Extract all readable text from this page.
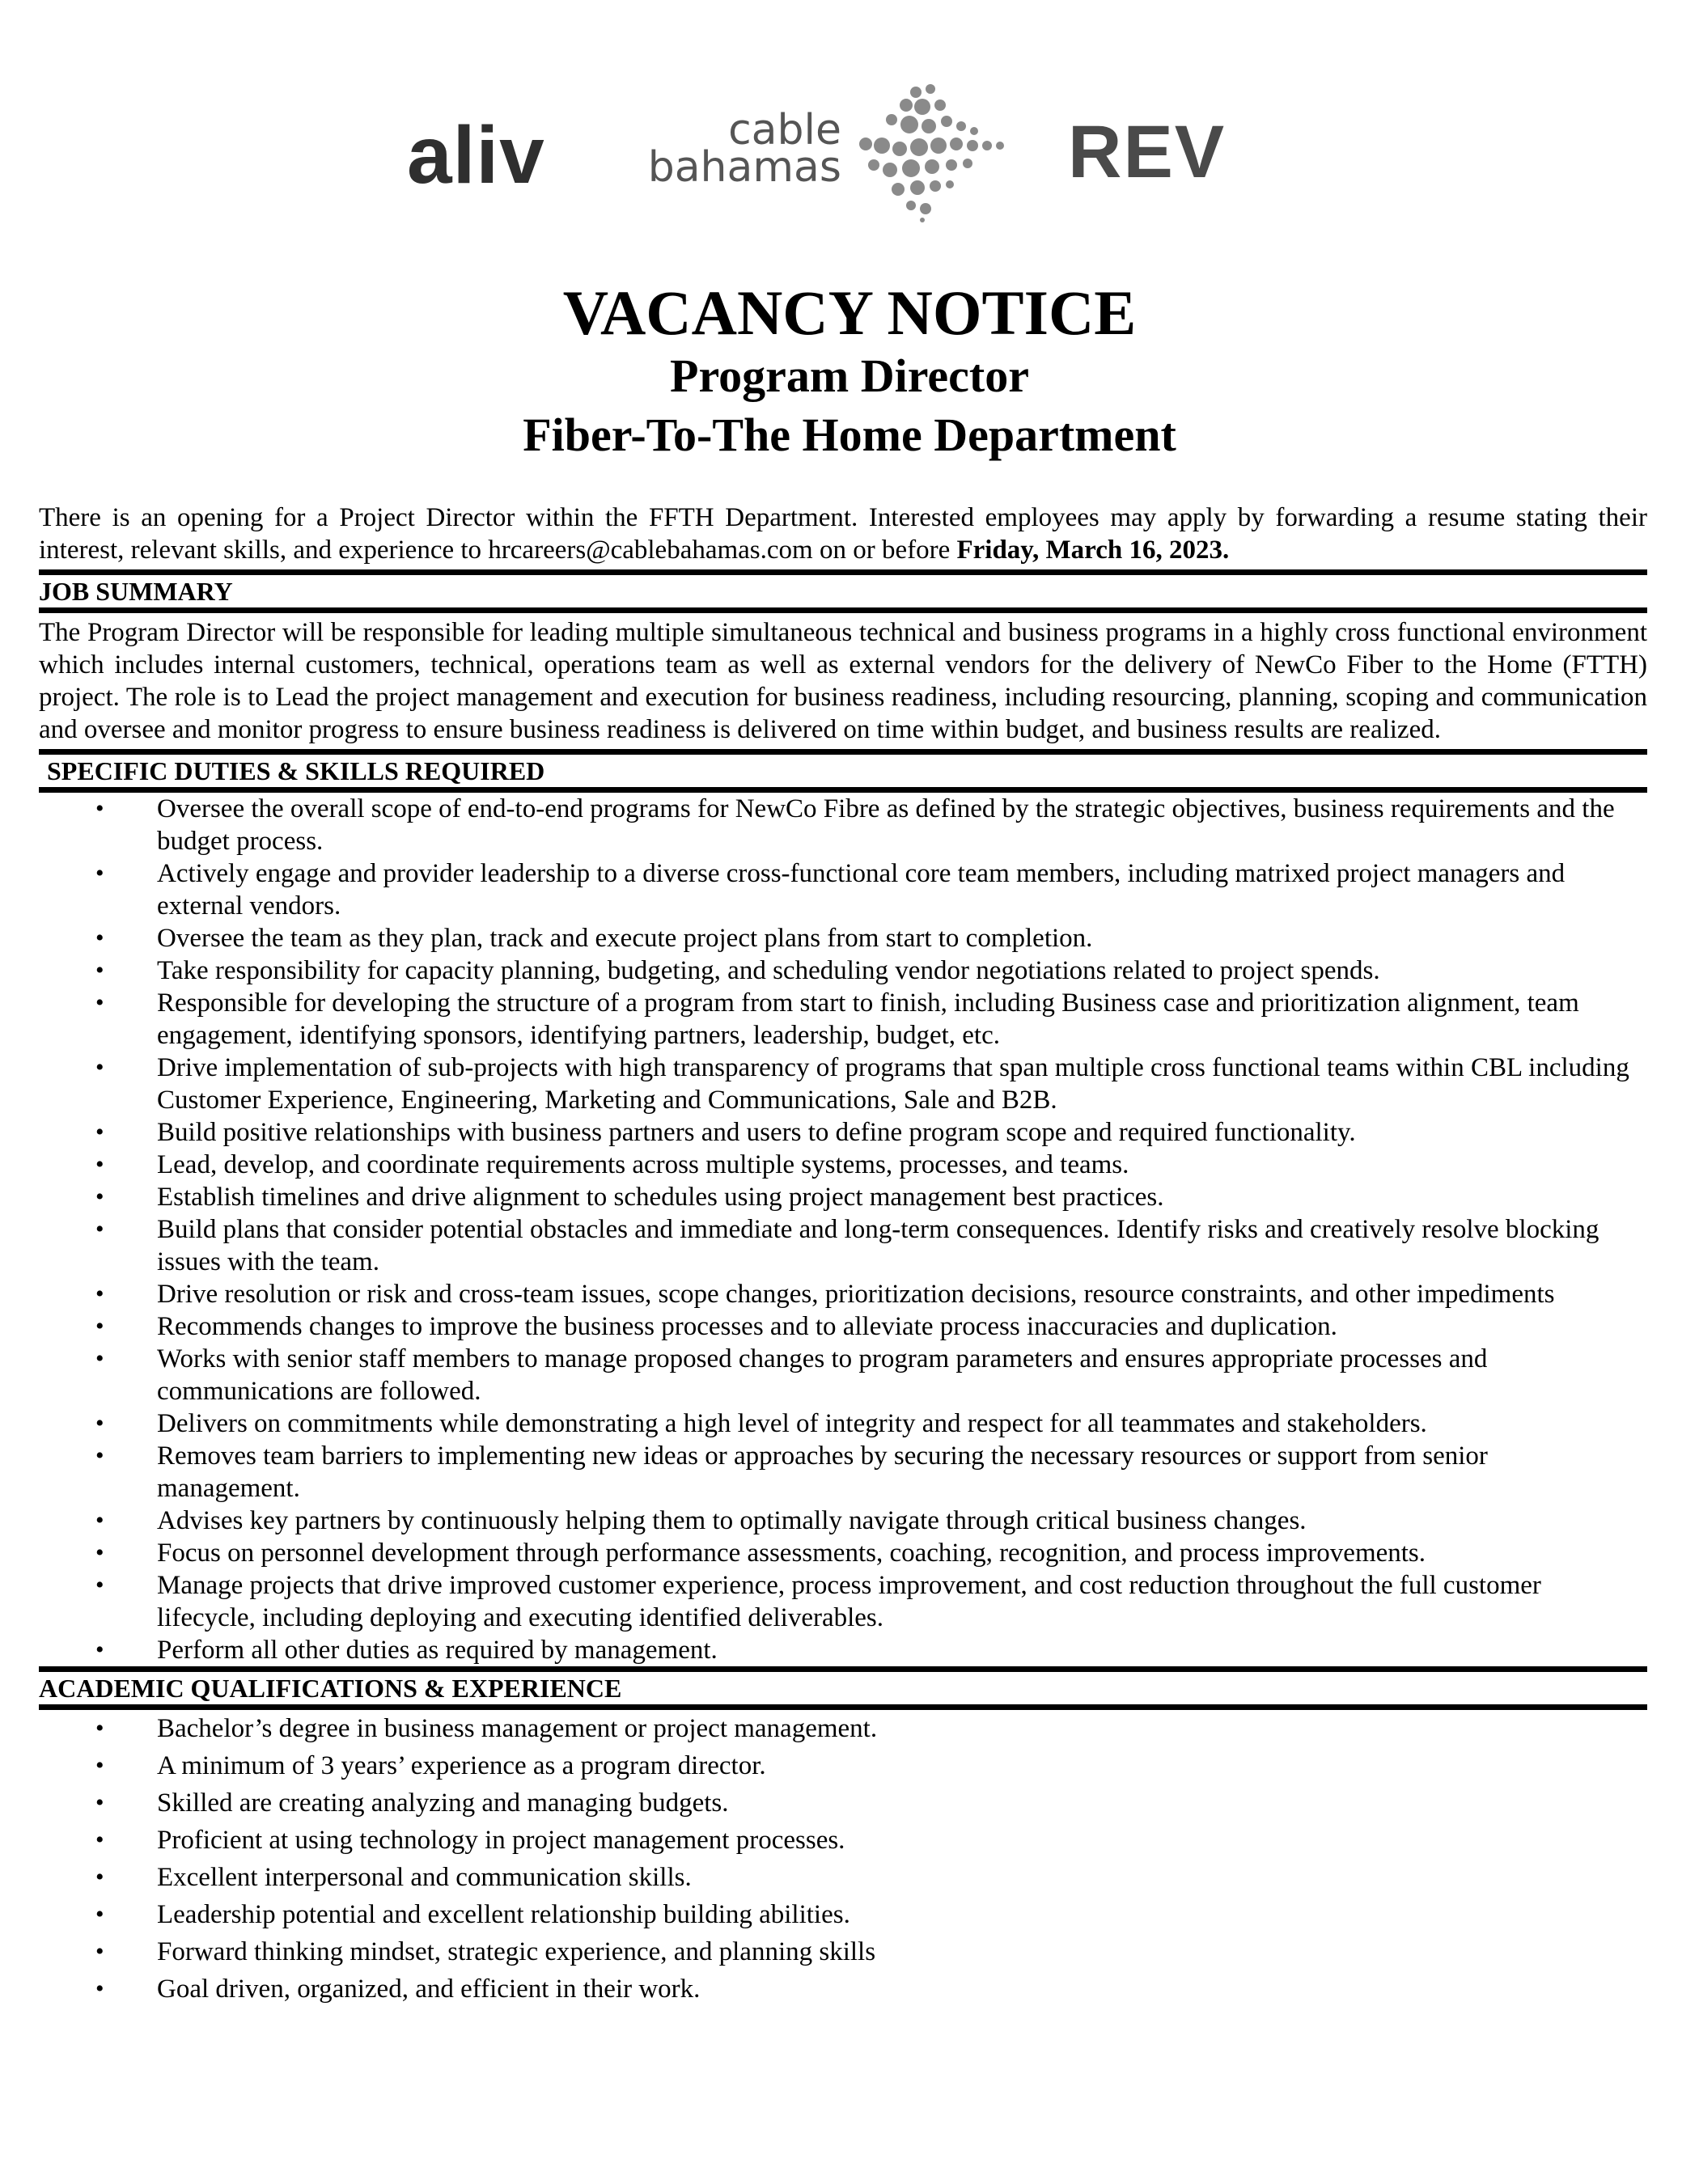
aliv	cable
bahamas	REV

VACANCY NOTICE

Program Director

Fiber-To-The Home Department

There is an opening for a Project Director within the FFTH Department. Interested employees may apply by forwarding a resume stating their interest, relevant skills, and experience to hrcareers@cablebahamas.com on or before Friday, March 16, 2023.

JOB SUMMARY

The Program Director will be responsible for leading multiple simultaneous technical and business programs in a highly cross functional environment which includes internal customers, technical, operations team as well as external vendors for the delivery of NewCo Fiber to the Home (FTTH) project. The role is to Lead the project management and execution for business readiness, including resourcing, planning, scoping and communication and oversee and monitor progress to ensure business readiness is delivered on time within budget, and business results are realized.

SPECIFIC DUTIES & SKILLS REQUIRED
• Oversee the overall scope of end-to-end programs for NewCo Fibre as defined by the strategic objectives, business requirements and the budget process.
• Actively engage and provider leadership to a diverse cross-functional core team members, including matrixed project managers and external vendors.
• Oversee the team as they plan, track and execute project plans from start to completion.
• Take responsibility for capacity planning, budgeting, and scheduling vendor negotiations related to project spends.
• Responsible for developing the structure of a program from start to finish, including Business case and prioritization alignment, team engagement, identifying sponsors, identifying partners, leadership, budget, etc.
• Drive implementation of sub-projects with high transparency of programs that span multiple cross functional teams within CBL including Customer Experience, Engineering, Marketing and Communications, Sale and B2B.
• Build positive relationships with business partners and users to define program scope and required functionality.
• Lead, develop, and coordinate requirements across multiple systems, processes, and teams.
• Establish timelines and drive alignment to schedules using project management best practices.
• Build plans that consider potential obstacles and immediate and long-term consequences. Identify risks and creatively resolve blocking issues with the team.
• Drive resolution or risk and cross-team issues, scope changes, prioritization decisions, resource constraints, and other impediments
• Recommends changes to improve the business processes and to alleviate process inaccuracies and duplication.
• Works with senior staff members to manage proposed changes to program parameters and ensures appropriate processes and communications are followed.
• Delivers on commitments while demonstrating a high level of integrity and respect for all teammates and stakeholders.
• Removes team barriers to implementing new ideas or approaches by securing the necessary resources or support from senior management.
• Advises key partners by continuously helping them to optimally navigate through critical business changes.
• Focus on personnel development through performance assessments, coaching, recognition, and process improvements.
• Manage projects that drive improved customer experience, process improvement, and cost reduction throughout the full customer lifecycle, including deploying and executing identified deliverables.
• Perform all other duties as required by management.
ACADEMIC QUALIFICATIONS & EXPERIENCE
• Bachelor’s degree in business management or project management.
• A minimum of 3 years’ experience as a program director.
• Skilled are creating analyzing and managing budgets.
• Proficient at using technology in project management processes.
• Excellent interpersonal and communication skills.
• Leadership potential and excellent relationship building abilities.
• Forward thinking mindset, strategic experience, and planning skills
• Goal driven, organized, and efficient in their work.
